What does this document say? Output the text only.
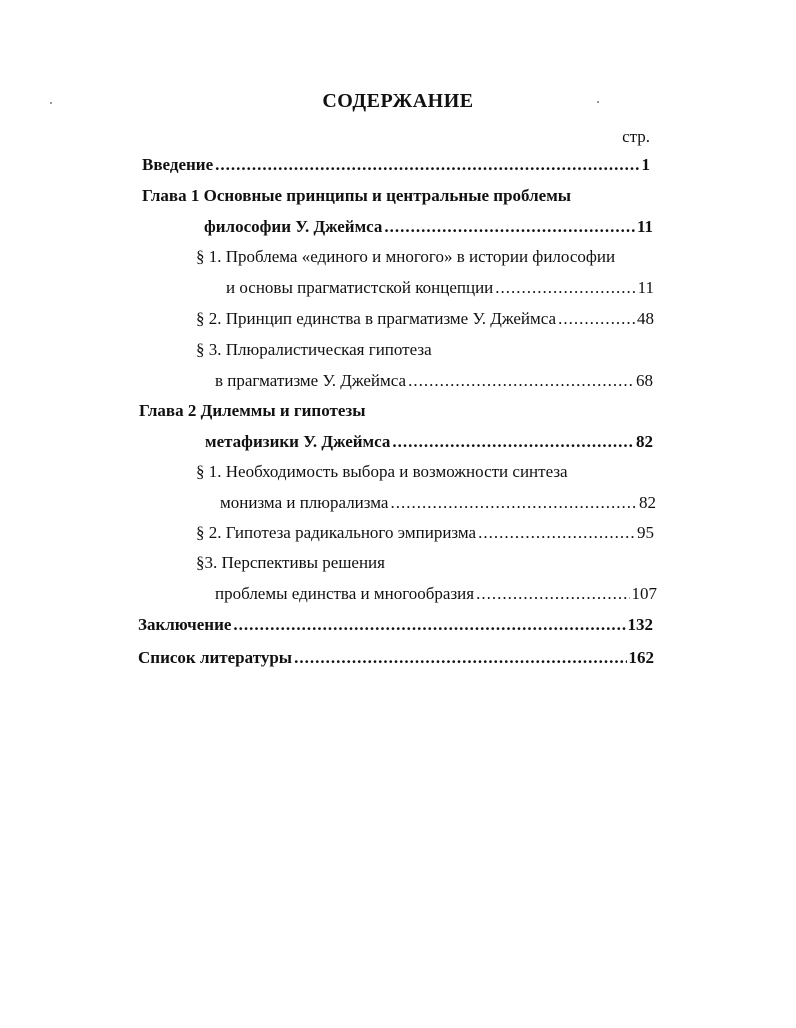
СОДЕРЖАНИЕ
стр.
Введение .....	1
Глава 1 Основные принципы и центральные проблемы
философии У. Джеймса .....	11
§ 1. Проблема «единого и многого» в истории философии
и основы прагматистской концепции .....	11
§ 2. Принцип единства в прагматизме У. Джеймса .....	48
§ 3. Плюралистическая гипотеза
в прагматизме У. Джеймса .....	68
Глава 2 Дилеммы и гипотезы
метафизики У. Джеймса .....	82
§ 1. Необходимость выбора и возможности синтеза
монизма и плюрализма .....	82
§ 2. Гипотеза радикального эмпиризма .....	95
§3. Перспективы решения
проблемы единства и многообразия .....	107
Заключение .....	132
Список литературы .....	162
